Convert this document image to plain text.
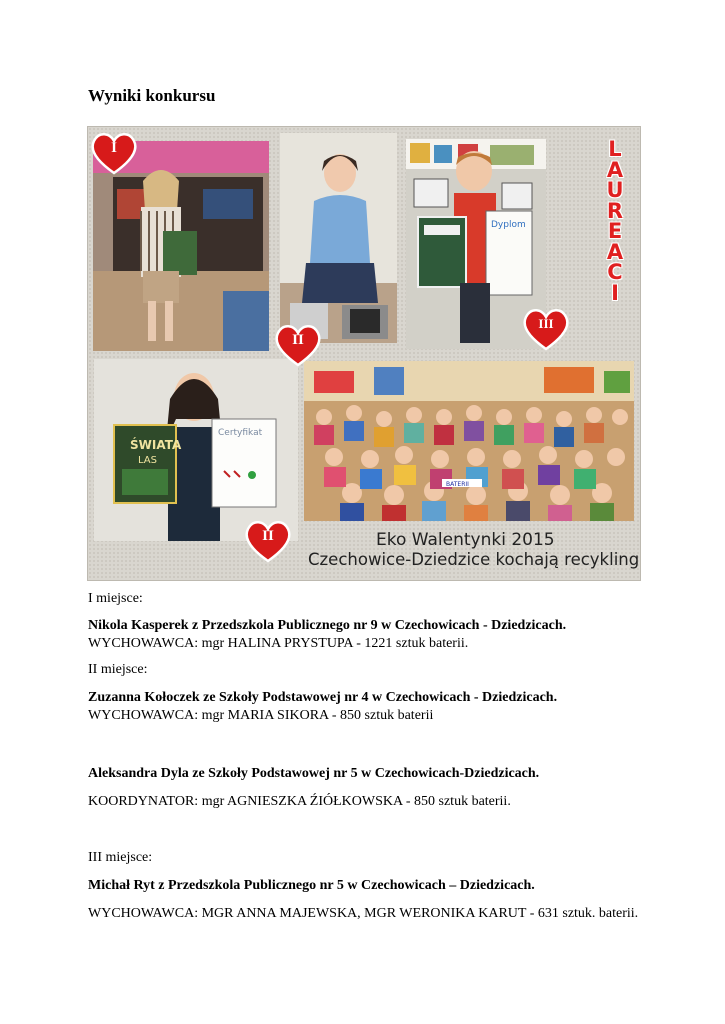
Wyniki konkursu
Dyplom
ŚWIATA
LAS
Certyfikat
BATERII
I
II
III
II
L
A
U
R
E
A
C
I
Eko Walentynki 2015
Czechowice-Dziedzice kochają recykling
I miejsce:
Nikola Kasperek z Przedszkola Publicznego nr 9 w Czechowicach - Dziedzicach.
WYCHOWAWCA: mgr HALINA PRYSTUPA - 1221 sztuk baterii.
II miejsce:
Zuzanna Kołoczek ze Szkoły Podstawowej nr 4 w Czechowicach - Dziedzicach.
WYCHOWAWCA: mgr MARIA SIKORA - 850 sztuk baterii
Aleksandra Dyla ze Szkoły Podstawowej nr 5 w Czechowicach-Dziedzicach.
KOORDYNATOR: mgr AGNIESZKA ŹIÓŁKOWSKA - 850 sztuk baterii.
III miejsce:
Michał Ryt z Przedszkola Publicznego nr 5 w Czechowicach – Dziedzicach.
WYCHOWAWCA: MGR ANNA MAJEWSKA, MGR WERONIKA KARUT - 631 sztuk. baterii.
